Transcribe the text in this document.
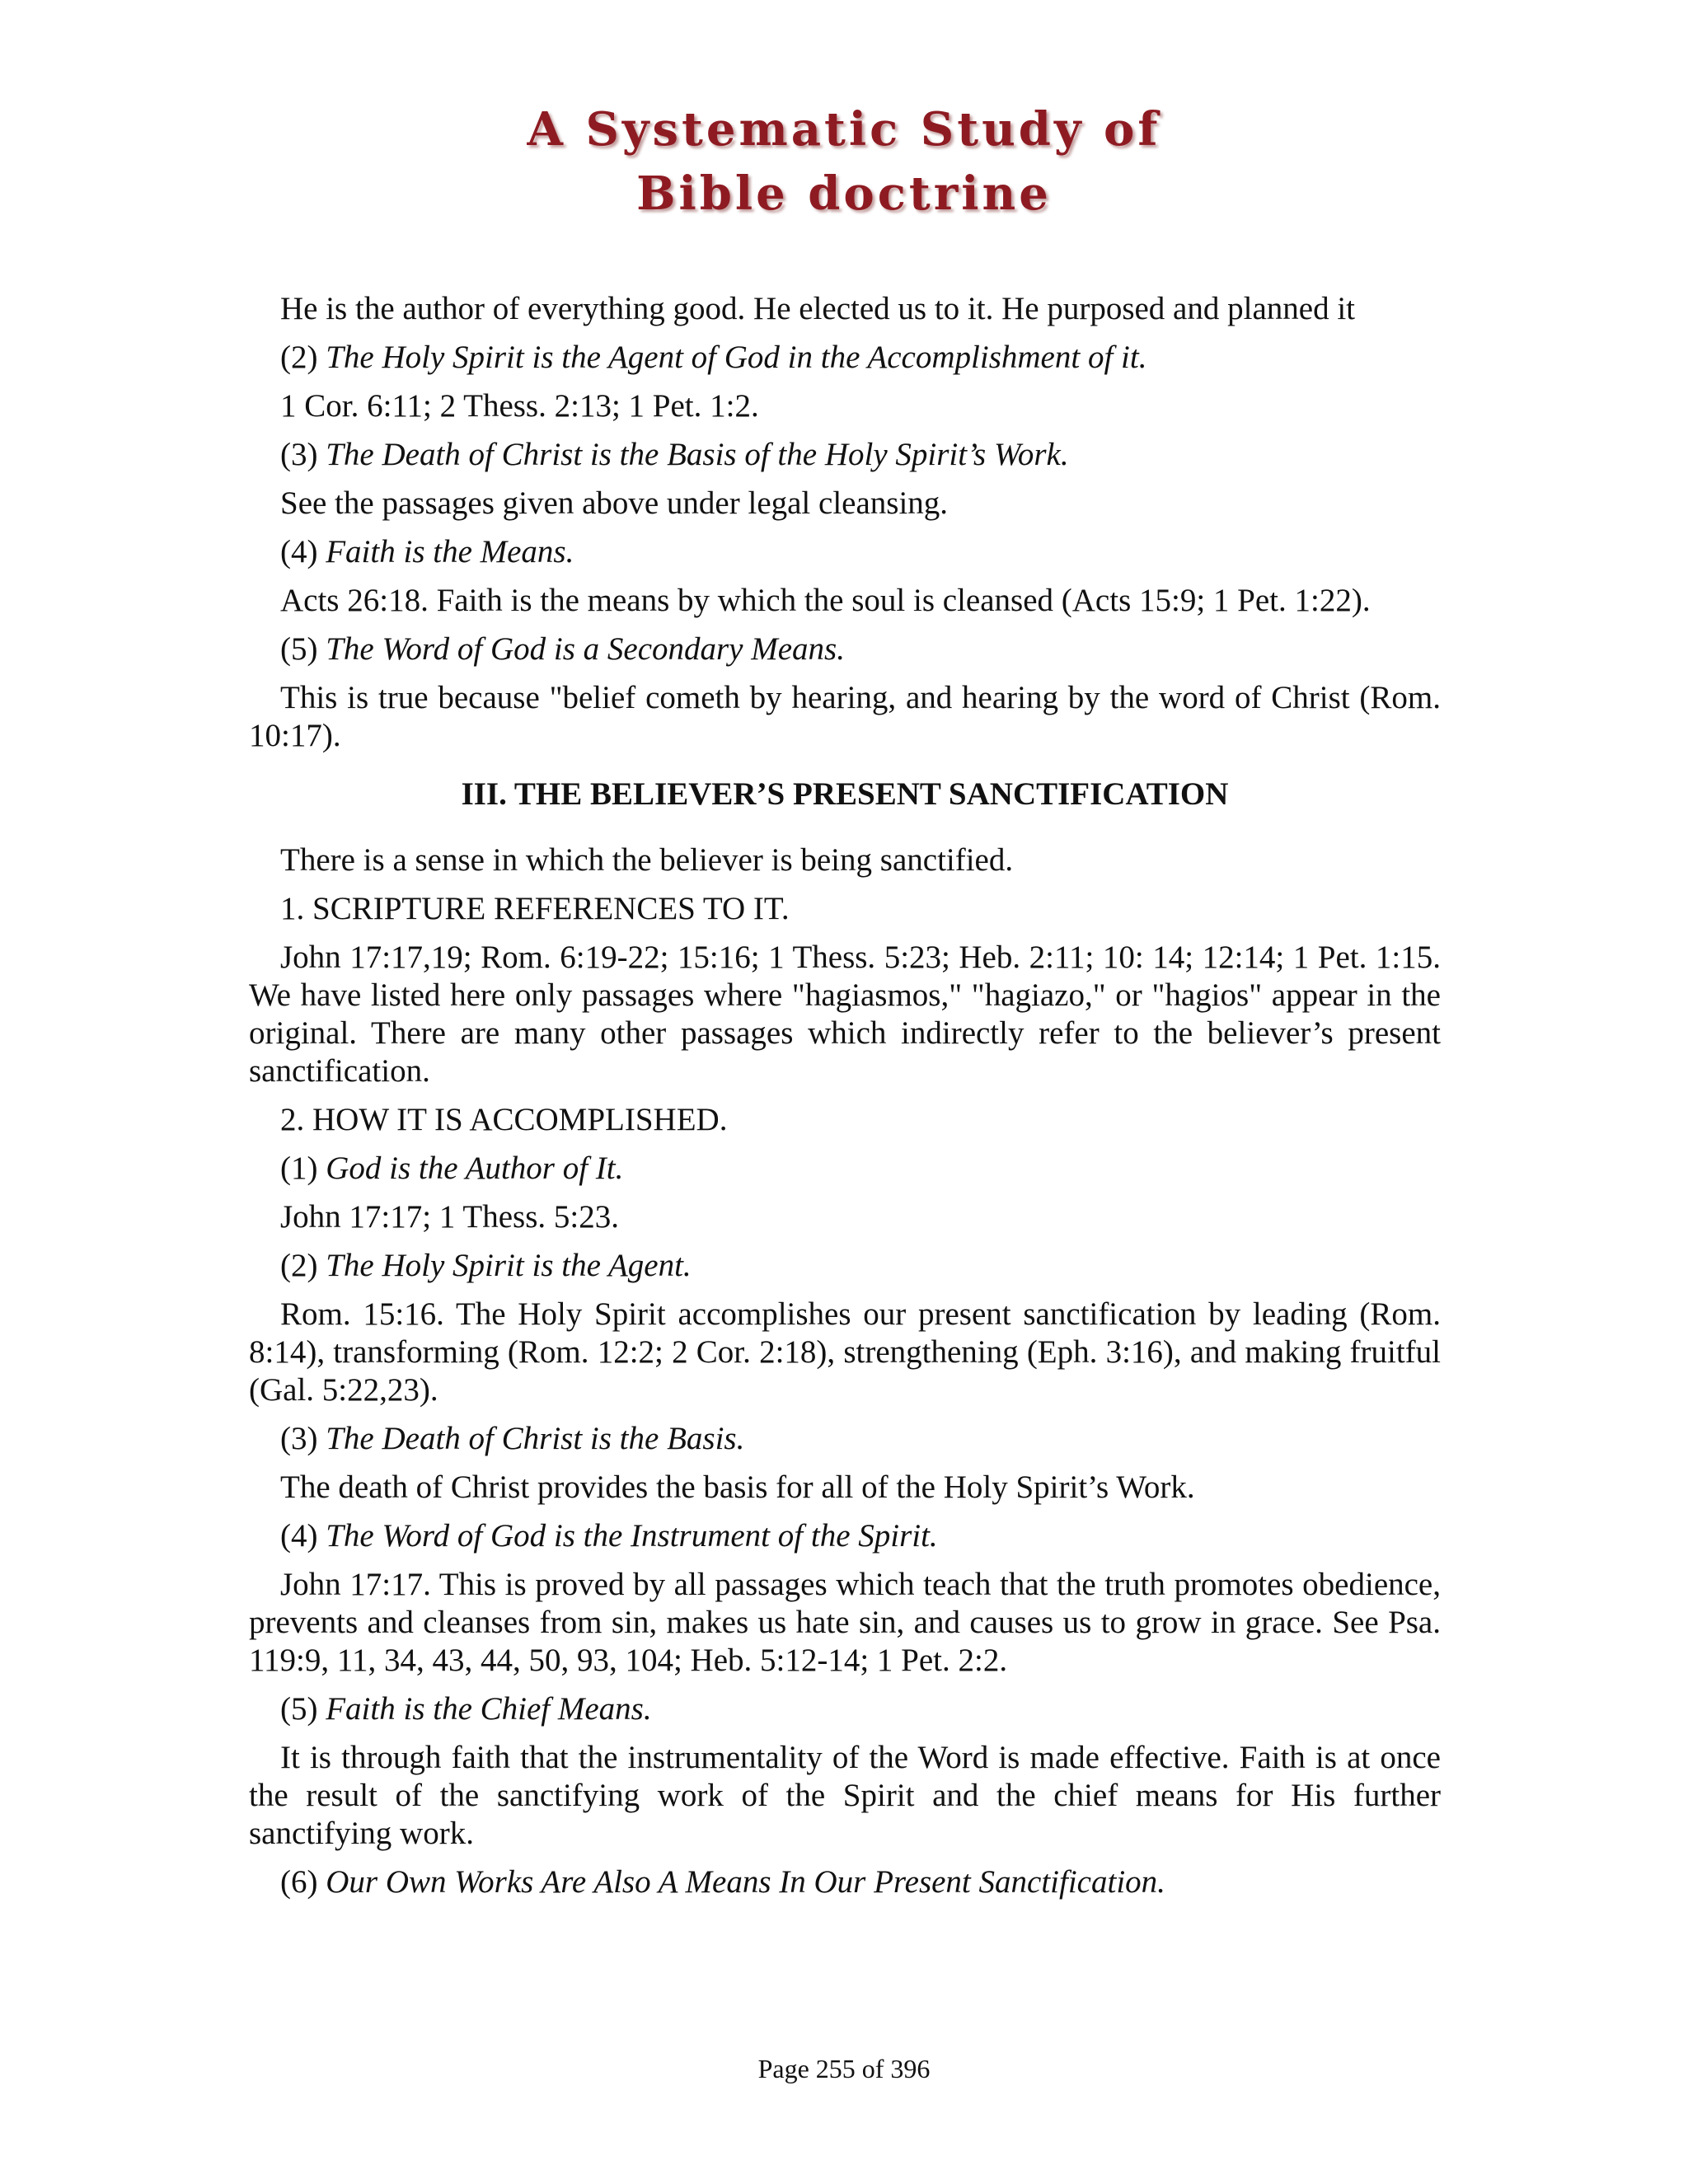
A Systematic Study of
Bible doctrine

He is the author of everything good. He elected us to it. He purposed and planned it

(2) The Holy Spirit is the Agent of God in the Accomplishment of it.

1 Cor. 6:11; 2 Thess. 2:13; 1 Pet. 1:2.

(3) The Death of Christ is the Basis of the Holy Spirit’s Work.

See the passages given above under legal cleansing.

(4) Faith is the Means.

Acts 26:18. Faith is the means by which the soul is cleansed (Acts 15:9; 1 Pet. 1:22).

(5) The Word of God is a Secondary Means.

This is true because "belief cometh by hearing, and hearing by the word of Christ (Rom. 10:17).

III. THE BELIEVER’S PRESENT SANCTIFICATION

There is a sense in which the believer is being sanctified.

1. SCRIPTURE REFERENCES TO IT.

John 17:17,19; Rom. 6:19-22; 15:16; 1 Thess. 5:23; Heb. 2:11; 10: 14; 12:14; 1 Pet. 1:15. We have listed here only passages where "hagiasmos," "hagiazo," or "hagios" appear in the original. There are many other passages which indirectly refer to the believer’s present sanctification.

2. HOW IT IS ACCOMPLISHED.

(1) God is the Author of It.

John 17:17; 1 Thess. 5:23.

(2) The Holy Spirit is the Agent.

Rom. 15:16. The Holy Spirit accomplishes our present sanctification by leading (Rom. 8:14), transforming (Rom. 12:2; 2 Cor. 2:18), strengthening (Eph. 3:16), and making fruitful (Gal. 5:22,23).

(3) The Death of Christ is the Basis.

The death of Christ provides the basis for all of the Holy Spirit’s Work.

(4) The Word of God is the Instrument of the Spirit.

John 17:17. This is proved by all passages which teach that the truth promotes obedience, prevents and cleanses from sin, makes us hate sin, and causes us to grow in grace. See Psa. 119:9, 11, 34, 43, 44, 50, 93, 104; Heb. 5:12-14; 1 Pet. 2:2.

(5) Faith is the Chief Means.

It is through faith that the instrumentality of the Word is made effective. Faith is at once the result of the sanctifying work of the Spirit and the chief means for His further sanctifying work.

(6) Our Own Works Are Also A Means In Our Present Sanctification.

Page 255 of 396
